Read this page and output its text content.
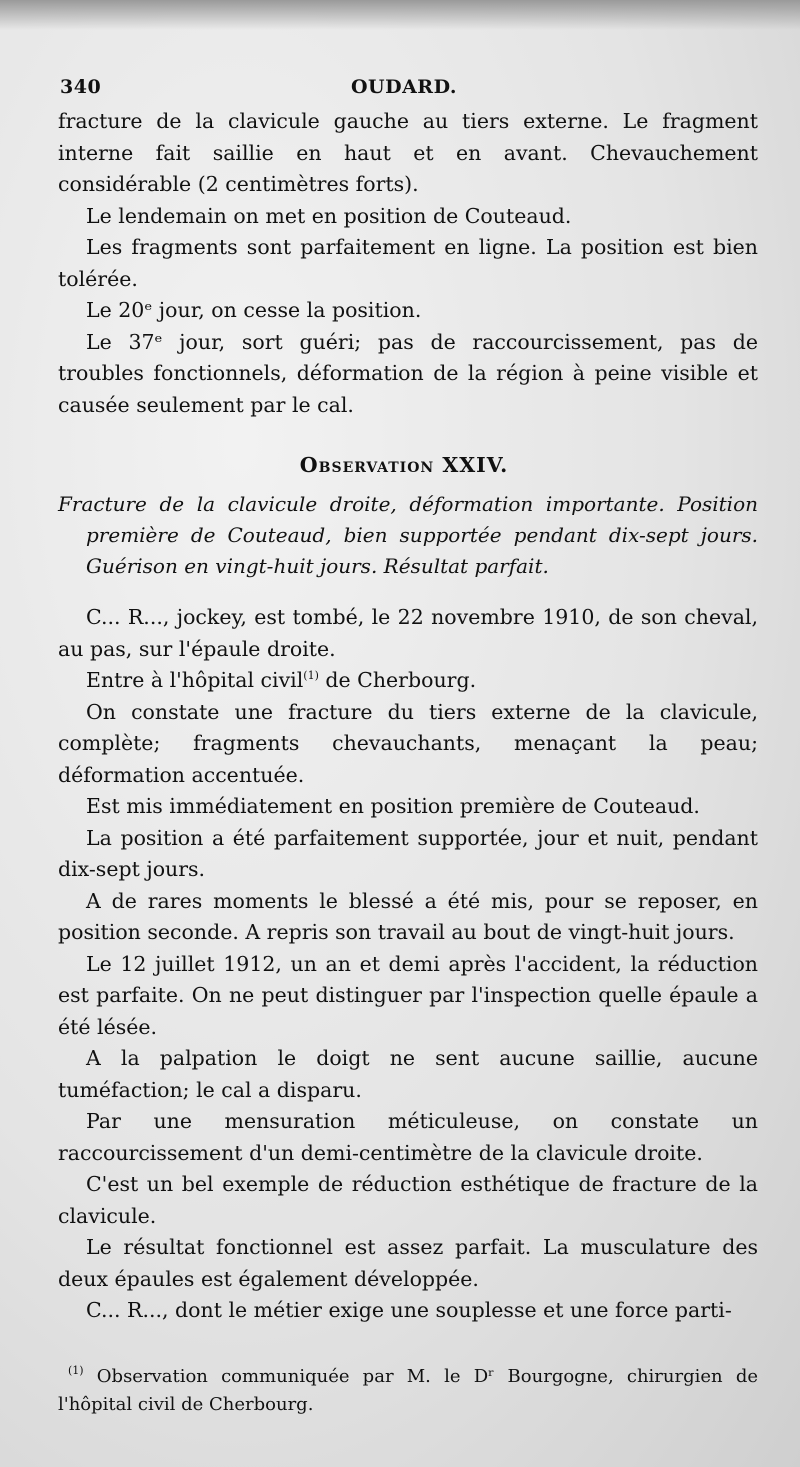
340	OUDARD.

fracture de la clavicule gauche au tiers externe. Le fragment interne fait saillie en haut et en avant. Chevauchement considérable (2 centimètres forts).

Le lendemain on met en position de Couteaud.

Les fragments sont parfaitement en ligne. La position est bien tolérée.

Le 20ᵉ jour, on cesse la position.

Le 37ᵉ jour, sort guéri; pas de raccourcissement, pas de troubles fonctionnels, déformation de la région à peine visible et causée seulement par le cal.

Observation XXIV.

Fracture de la clavicule droite, déformation importante. Position première de Couteaud, bien supportée pendant dix-sept jours. Guérison en vingt-huit jours. Résultat parfait.

C... R..., jockey, est tombé, le 22 novembre 1910, de son cheval, au pas, sur l'épaule droite.

Entre à l'hôpital civil$^{(1)}$ de Cherbourg.

On constate une fracture du tiers externe de la clavicule, complète; fragments chevauchants, menaçant la peau; déformation accentuée.

Est mis immédiatement en position première de Couteaud.

La position a été parfaitement supportée, jour et nuit, pendant dix-sept jours.

A de rares moments le blessé a été mis, pour se reposer, en position seconde. A repris son travail au bout de vingt-huit jours.

Le 12 juillet 1912, un an et demi après l'accident, la réduction est parfaite. On ne peut distinguer par l'inspection quelle épaule a été lésée.

A la palpation le doigt ne sent aucune saillie, aucune tuméfaction; le cal a disparu.

Par une mensuration méticuleuse, on constate un raccourcissement d'un demi-centimètre de la clavicule droite.

C'est un bel exemple de réduction esthétique de fracture de la clavicule.

Le résultat fonctionnel est assez parfait. La musculature des deux épaules est également développée.

C... R..., dont le métier exige une souplesse et une force parti-

$^{(1)}$ Observation communiquée par M. le Dʳ Bourgogne, chirurgien de l'hôpital civil de Cherbourg.
